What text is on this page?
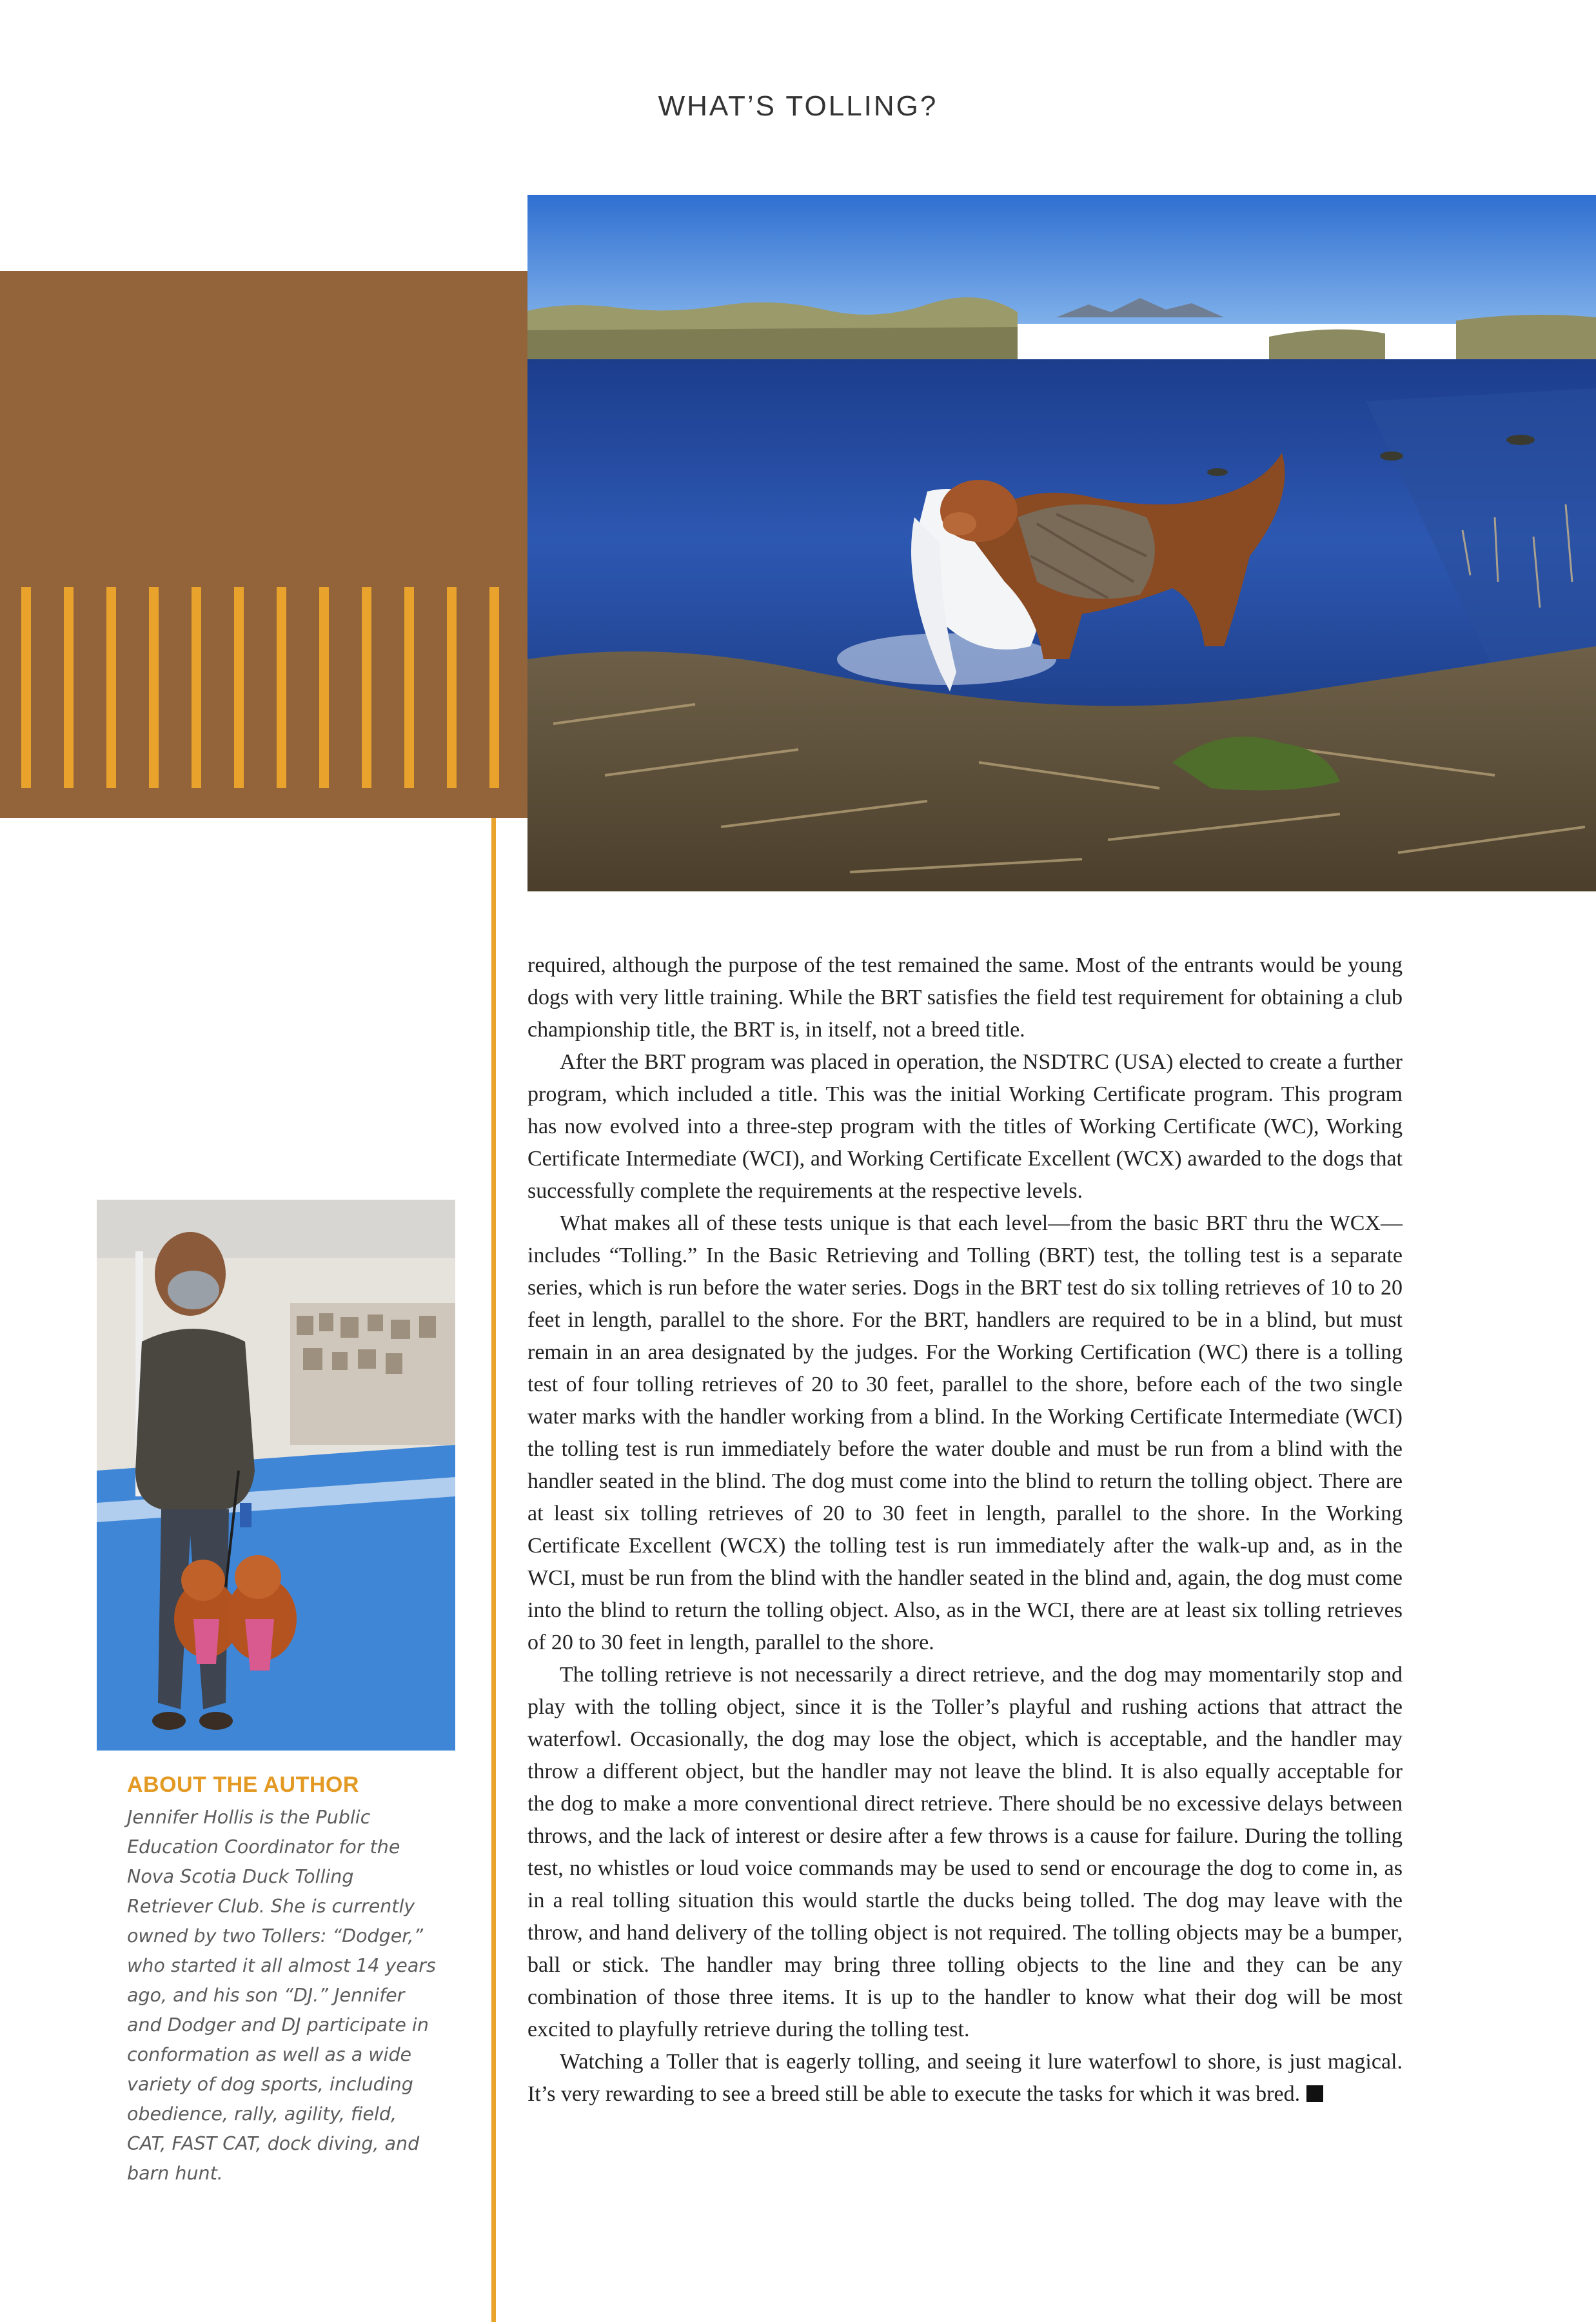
WHAT’S TOLLING?
ABOUT THE AUTHOR
Jennifer Hollis is the Public Education Coordinator for the Nova Scotia Duck Tolling Retriever Club. She is currently owned by two Tollers: “Dodger,” who started it all almost 14 years ago, and his son “DJ.” Jennifer and Dodger and DJ participate in conformation as well as a wide variety of dog sports, including obedience, rally, agility, field, CAT, FAST CAT, dock diving, and barn hunt.

required, although the purpose of the test remained the same. Most of the entrants would be young dogs with very little training. While the BRT satisfies the field test requirement for obtaining a club championship title, the BRT is, in itself, not a breed title.

After the BRT program was placed in operation, the NSDTRC (USA) elected to create a further program, which included a title. This was the initial Working Certificate program. This program has now evolved into a three-step program with the titles of Working Certificate (WC), Working Certificate Intermediate (WCI), and Working Certificate Excellent (WCX) awarded to the dogs that successfully complete the requirements at the respective levels.

What makes all of these tests unique is that each level—from the basic BRT thru the WCX—includes “Tolling.” In the Basic Retrieving and Tolling (BRT) test, the tolling test is a separate series, which is run before the water series. Dogs in the BRT test do six tolling retrieves of 10 to 20 feet in length, parallel to the shore. For the BRT, handlers are required to be in a blind, but must remain in an area designated by the judges. For the Working Certification (WC) there is a tolling test of four tolling retrieves of 20 to 30 feet, parallel to the shore, before each of the two single water marks with the handler working from a blind. In the Working Certificate Intermediate (WCI) the tolling test is run immediately before the water double and must be run from a blind with the handler seated in the blind. The dog must come into the blind to return the tolling object. There are at least six tolling retrieves of 20 to 30 feet in length, parallel to the shore. In the Working Certificate Excellent (WCX) the tolling test is run immediately after the walk-up and, as in the WCI, must be run from the blind with the handler seated in the blind and, again, the dog must come into the blind to return the tolling object. Also, as in the WCI, there are at least six tolling retrieves of 20 to 30 feet in length, parallel to the shore.

The tolling retrieve is not necessarily a direct retrieve, and the dog may momentarily stop and play with the tolling object, since it is the Toller’s playful and rushing actions that attract the waterfowl. Occasionally, the dog may lose the object, which is acceptable, and the handler may throw a different object, but the handler may not leave the blind. It is also equally acceptable for the dog to make a more conventional direct retrieve. There should be no excessive delays between throws, and the lack of interest or desire after a few throws is a cause for failure. During the tolling test, no whistles or loud voice commands may be used to send or encourage the dog to come in, as in a real tolling situation this would startle the ducks being tolled. The dog may leave with the throw, and hand delivery of the tolling object is not required. The tolling objects may be a bumper, ball or stick. The handler may bring three tolling objects to the line and they can be any combination of those three items. It is up to the handler to know what their dog will be most excited to playfully retrieve during the tolling test.

Watching a Toller that is eagerly tolling, and seeing it lure waterfowl to shore, is just magical. It’s very rewarding to see a breed still be able to execute the tasks for which it was bred.
